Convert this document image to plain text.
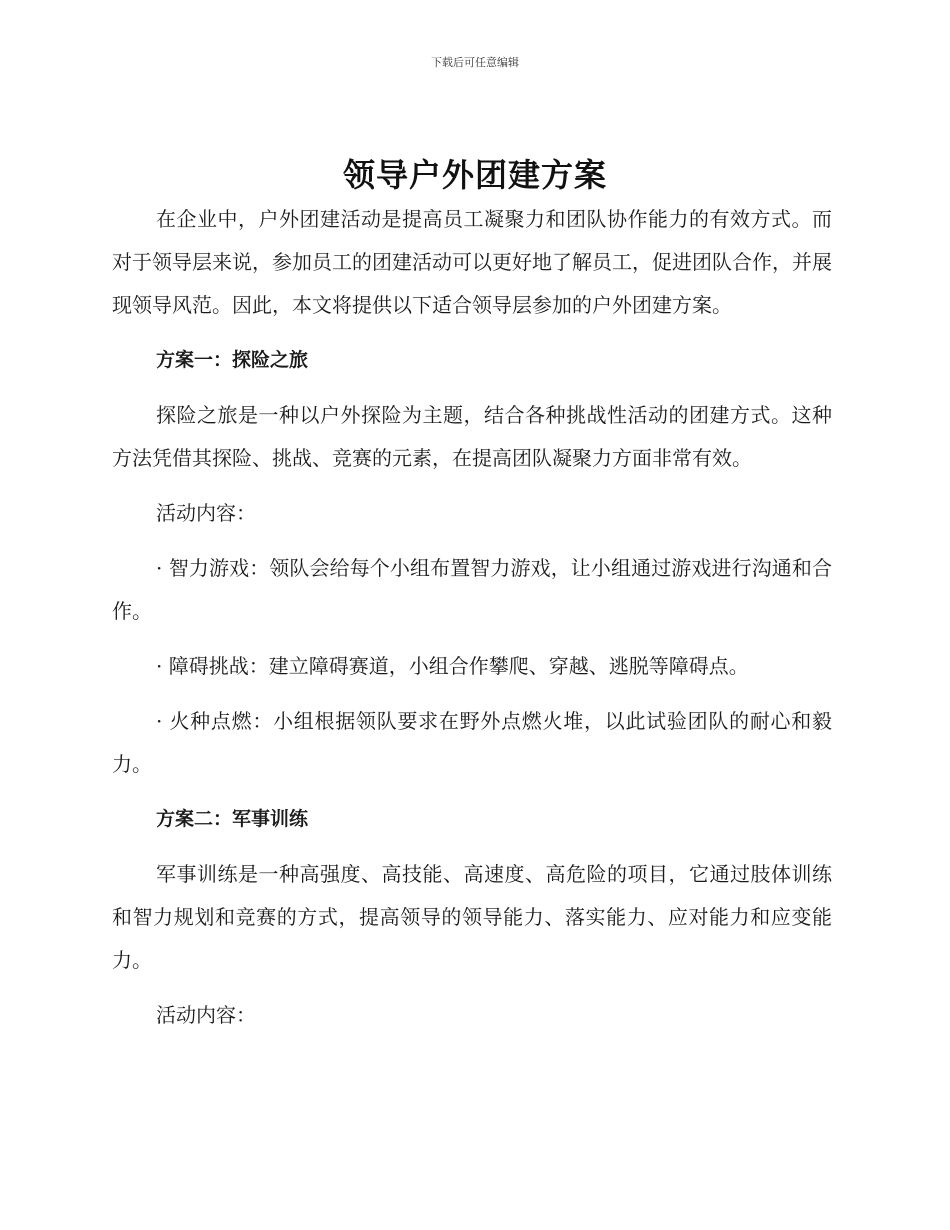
下载后可任意编辑
领导户外团建方案

在企业中，户外团建活动是提高员工凝聚力和团队协作能力的有效方式。而对于领导层来说，参加员工的团建活动可以更好地了解员工，促进团队合作，并展现领导风范。因此，本文将提供以下适合领导层参加的户外团建方案。

方案一：探险之旅

探险之旅是一种以户外探险为主题，结合各种挑战性活动的团建方式。这种方法凭借其探险、挑战、竞赛的元素，在提高团队凝聚力方面非常有效。

活动内容：

· 智力游戏：领队会给每个小组布置智力游戏，让小组通过游戏进行沟通和合作。

· 障碍挑战：建立障碍赛道，小组合作攀爬、穿越、逃脱等障碍点。

· 火种点燃：小组根据领队要求在野外点燃火堆，以此试验团队的耐心和毅力。

方案二：军事训练

军事训练是一种高强度、高技能、高速度、高危险的项目，它通过肢体训练和智力规划和竞赛的方式，提高领导的领导能力、落实能力、应对能力和应变能力。

活动内容：
